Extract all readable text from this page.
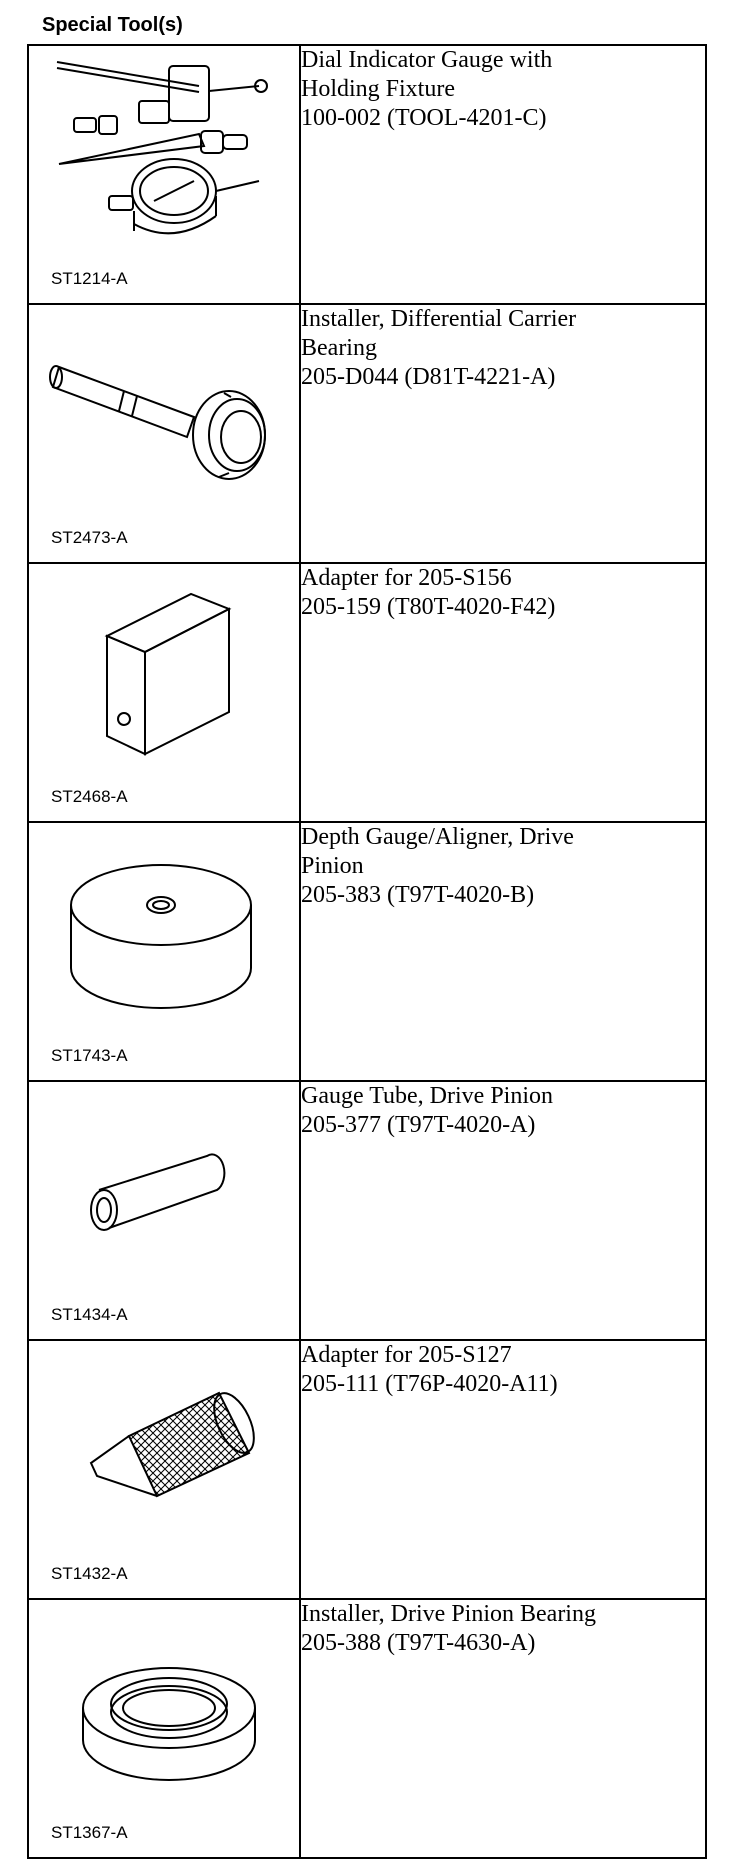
Special Tool(s)
ST1214-A	Dial Indicator Gauge with
Holding Fixture
100-002 (TOOL-4201-C)

ST2473-A	Installer, Differential Carrier
Bearing
205-D044 (D81T-4221-A)

ST2468-A	Adapter for 205-S156
205-159 (T80T-4020-F42)

ST1743-A	Depth Gauge/Aligner, Drive
Pinion
205-383 (T97T-4020-B)

ST1434-A	Gauge Tube, Drive Pinion
205-377 (T97T-4020-A)

ST1432-A	Adapter for 205-S127
205-111 (T76P-4020-A11)

ST1367-A	Installer, Drive Pinion Bearing
205-388 (T97T-4630-A)
